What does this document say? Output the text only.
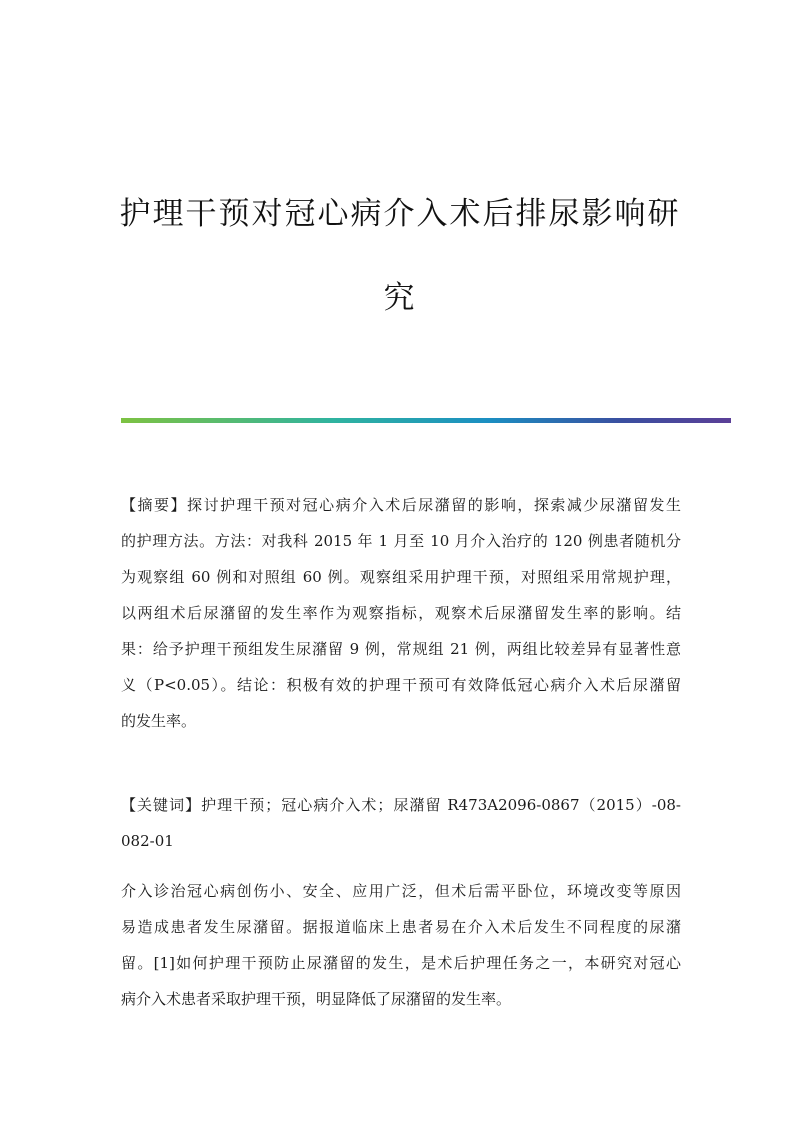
护理干预对冠心病介入术后排尿影响研
究
【摘要】探讨护理干预对冠心病介入术后尿潴留的影响，探索减少尿潴留发生
的护理方法。方法：对我科 2015 年 1 月至 10 月介入治疗的 120 例患者随机分
为观察组 60 例和对照组 60 例。观察组采用护理干预，对照组采用常规护理，
以两组术后尿潴留的发生率作为观察指标，观察术后尿潴留发生率的影响。结
果：给予护理干预组发生尿潴留 9 例，常规组 21 例，两组比较差异有显著性意
义（P<0.05）。结论：积极有效的护理干预可有效降低冠心病介入术后尿潴留
的发生率。
【关键词】护理干预；冠心病介入术；尿潴留 R473A2096-0867（2015）-08-
082-01
介入诊治冠心病创伤小、安全、应用广泛，但术后需平卧位，环境改变等原因
易造成患者发生尿潴留。据报道临床上患者易在介入术后发生不同程度的尿潴
留。[1]如何护理干预防止尿潴留的发生，是术后护理任务之一，本研究对冠心
病介入术患者采取护理干预，明显降低了尿潴留的发生率。
